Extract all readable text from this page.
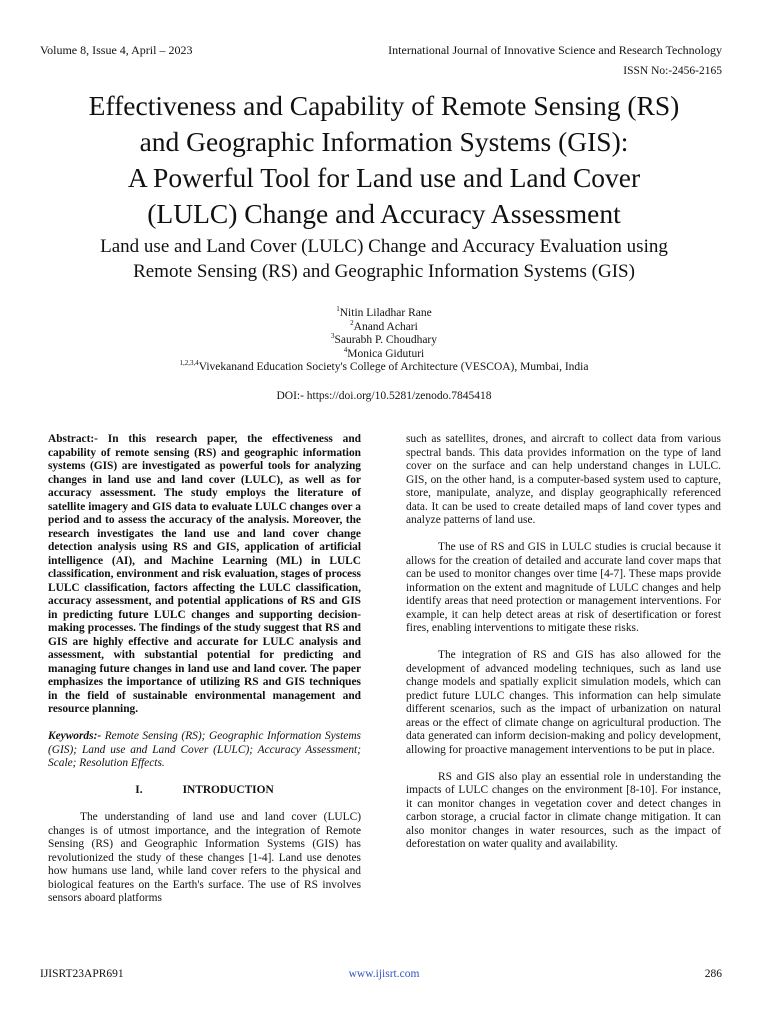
Volume 8, Issue 4, April – 2023	International Journal of Innovative Science and Research Technology
ISSN No:-2456-2165
Effectiveness and Capability of Remote Sensing (RS)
and Geographic Information Systems (GIS):
A Powerful Tool for Land use and Land Cover
(LULC) Change and Accuracy Assessment
Land use and Land Cover (LULC) Change and Accuracy Evaluation using
Remote Sensing (RS) and Geographic Information Systems (GIS)
$^1$Nitin Liladhar Rane
$^2$Anand Achari
$^3$Saurabh P. Choudhary
$^4$Monica Giduturi
$^{1,2,3,4}$Vivekanand Education Society's College of Architecture (VESCOA), Mumbai, India
DOI:- https://doi.org/10.5281/zenodo.7845418

Abstract:- In this research paper, the effectiveness and capability of remote sensing (RS) and geographic information systems (GIS) are investigated as powerful tools for analyzing changes in land use and land cover (LULC), as well as for accuracy assessment. The study employs the literature of satellite imagery and GIS data to evaluate LULC changes over a period and to assess the accuracy of the analysis. Moreover, the research investigates the land use and land cover change detection analysis using RS and GIS, application of artificial intelligence (AI), and Machine Learning (ML) in LULC classification, environment and risk evaluation, stages of process LULC classification, factors affecting the LULC classification, accuracy assessment, and potential applications of RS and GIS in predicting future LULC changes and supporting decision-making processes. The findings of the study suggest that RS and GIS are highly effective and accurate for LULC analysis and assessment, with substantial potential for predicting and managing future changes in land use and land cover. The paper emphasizes the importance of utilizing RS and GIS techniques in the field of sustainable environmental management and resource planning.

Keywords:- Remote Sensing (RS); Geographic Information Systems (GIS); Land use and Land Cover (LULC); Accuracy Assessment; Scale; Resolution Effects.

I.	INTRODUCTION

The understanding of land use and land cover (LULC) changes is of utmost importance, and the integration of Remote Sensing (RS) and Geographic Information Systems (GIS) has revolutionized the study of these changes [1-4]. Land use denotes how humans use land, while land cover refers to the physical and biological features on the Earth's surface. The use of RS involves sensors aboard platforms

such as satellites, drones, and aircraft to collect data from various spectral bands. This data provides information on the type of land cover on the surface and can help understand changes in LULC. GIS, on the other hand, is a computer-based system used to capture, store, manipulate, analyze, and display geographically referenced data. It can be used to create detailed maps of land cover types and analyze patterns of land use.

The use of RS and GIS in LULC studies is crucial because it allows for the creation of detailed and accurate land cover maps that can be used to monitor changes over time [4-7]. These maps provide information on the extent and magnitude of LULC changes and help identify areas that need protection or management interventions. For example, it can help detect areas at risk of desertification or forest fires, enabling interventions to mitigate these risks.

The integration of RS and GIS has also allowed for the development of advanced modeling techniques, such as land use change models and spatially explicit simulation models, which can predict future LULC changes. This information can help simulate different scenarios, such as the impact of urbanization on natural areas or the effect of climate change on agricultural production. The data generated can inform decision-making and policy development, allowing for proactive management interventions to be put in place.

RS and GIS also play an essential role in understanding the impacts of LULC changes on the environment [8-10]. For instance, it can monitor changes in vegetation cover and detect changes in carbon storage, a crucial factor in climate change mitigation. It can also monitor changes in water resources, such as the impact of deforestation on water quality and availability.

IJISRT23APR691	www.ijisrt.com	286
